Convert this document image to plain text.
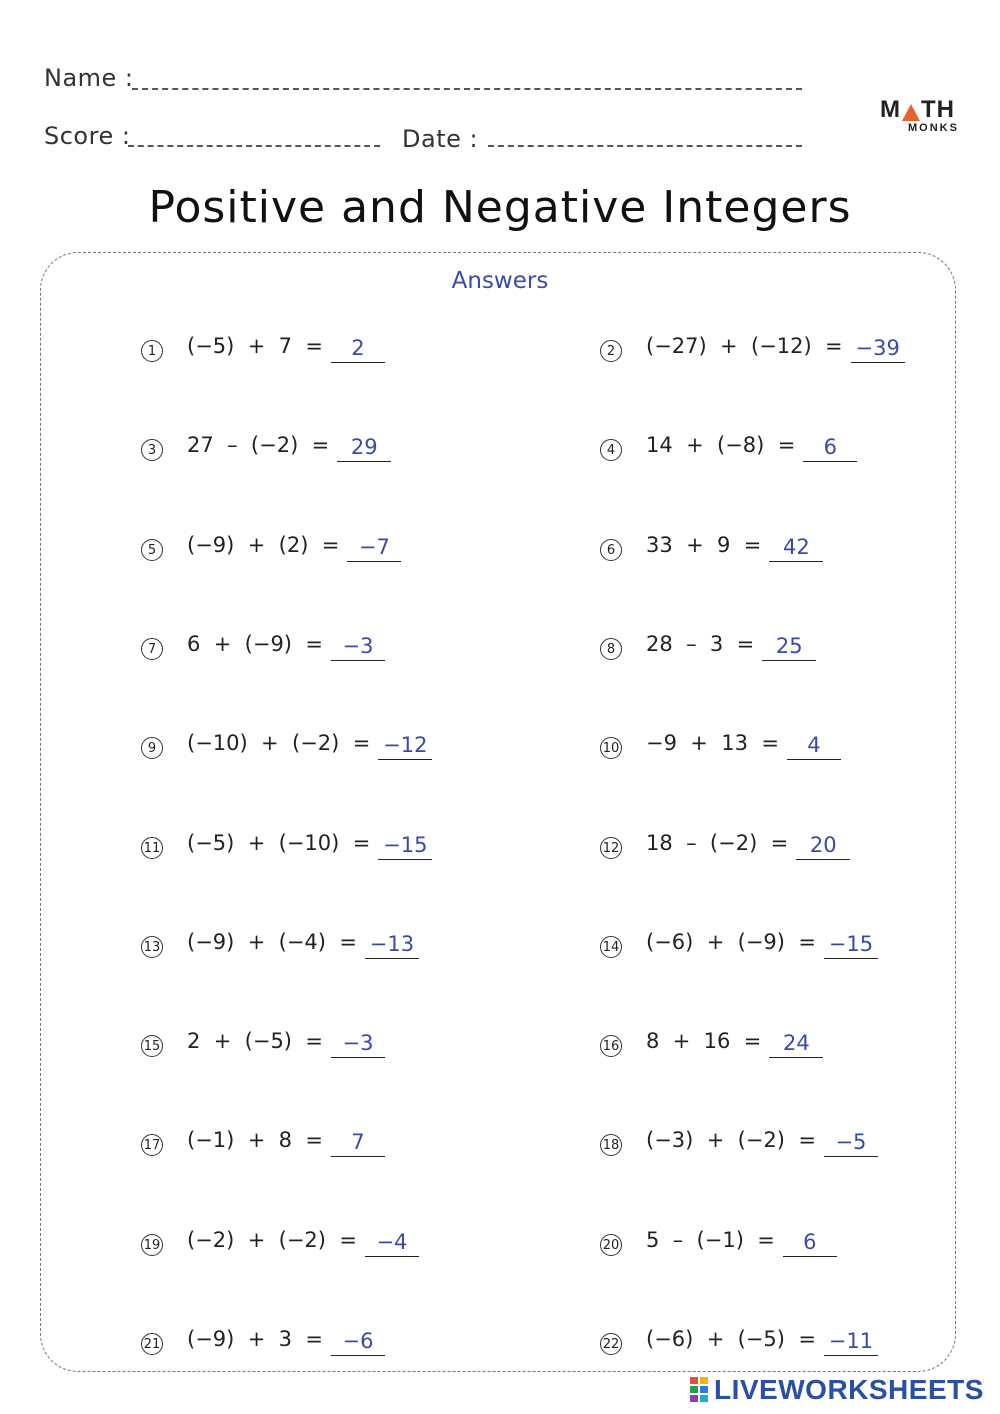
Name :
Score :	Date :
M TH
MONKS
Positive and Negative Integers
Answers
1	(−5)  +  7  =	2	2	(−27)  +  (−12)  = −39
3	27  –  (−2)  =	29	4	14  +  (−8)  =	6
5	(−9)  +  (2)  = −7	6	33  +  9  =	42
7	6  +  (−9)  = −3	8	28  –  3  =	25
9	(−10)  +  (−2)  = −12	10 −9  +  13  =	4
11 (−5)  +  (−10)  = −15	12 18  –  (−2)  =	20
13 (−9)  +  (−4)  = −13	14 (−6)  +  (−9)  = −15
15 2  +  (−5)  = −3	16 8  +  16  =	24
17 (−1)  +  8  =	7	18 (−3)  +  (−2)  = −5
19 (−2)  +  (−2)  = −4	20 5  –  (−1)  =	6
21 (−9)  +  3  = −6	22 (−6)  +  (−5)  = −11
LIVEWORKSHEETS
